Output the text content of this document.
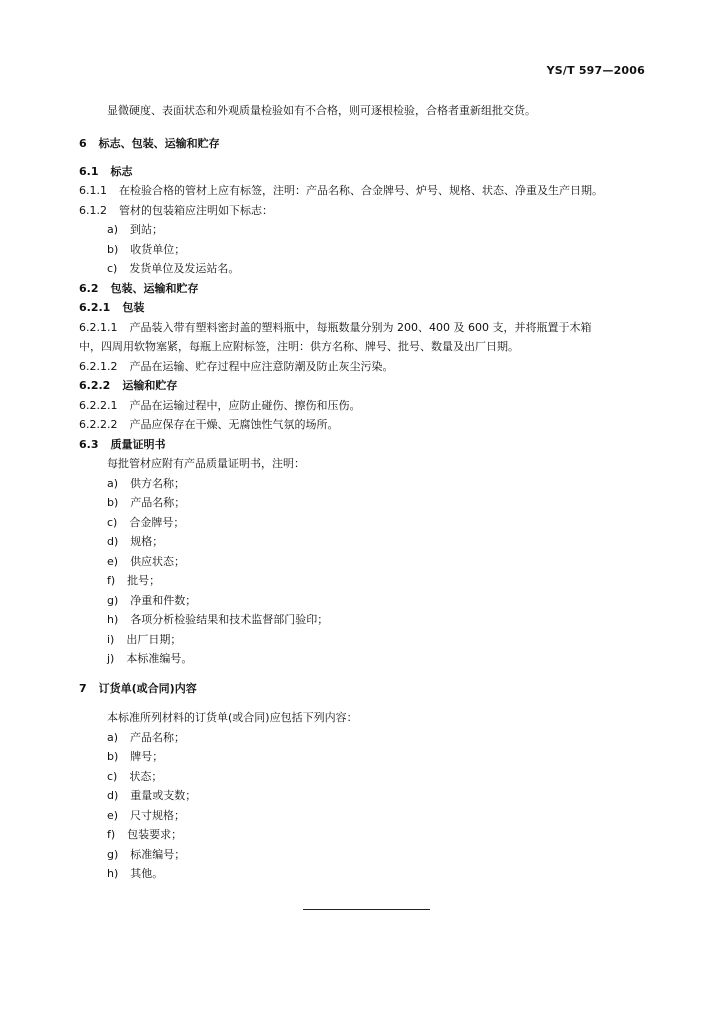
YS/T 597—2006
显微硬度、表面状态和外观质量检验如有不合格，则可逐根检验，合格者重新组批交货。
6 标志、包装、运输和贮存
6.1 标志
6.1.1 在检验合格的管材上应有标签，注明：产品名称、合金牌号、炉号、规格、状态、净重及生产日期。
6.1.2 管材的包装箱应注明如下标志：
a) 到站；
b) 收货单位；
c) 发货单位及发运站名。
6.2 包装、运输和贮存
6.2.1 包装
6.2.1.1 产品装入带有塑料密封盖的塑料瓶中，每瓶数量分别为 200、400 及 600 支，并将瓶置于木箱
中，四周用软物塞紧，每瓶上应附标签，注明：供方名称、牌号、批号、数量及出厂日期。
6.2.1.2 产品在运输、贮存过程中应注意防潮及防止灰尘污染。
6.2.2 运输和贮存
6.2.2.1 产品在运输过程中，应防止碰伤、擦伤和压伤。
6.2.2.2 产品应保存在干燥、无腐蚀性气氛的场所。
6.3 质量证明书
每批管材应附有产品质量证明书，注明：
a) 供方名称；
b) 产品名称；
c) 合金牌号；
d) 规格；
e) 供应状态；
f) 批号；
g) 净重和件数；
h) 各项分析检验结果和技术监督部门验印；
i) 出厂日期；
j) 本标准编号。
7 订货单(或合同)内容
本标准所列材料的订货单(或合同)应包括下列内容：
a) 产品名称；
b) 牌号；
c) 状态；
d) 重量或支数；
e) 尺寸规格；
f) 包装要求；
g) 标准编号；
h) 其他。
